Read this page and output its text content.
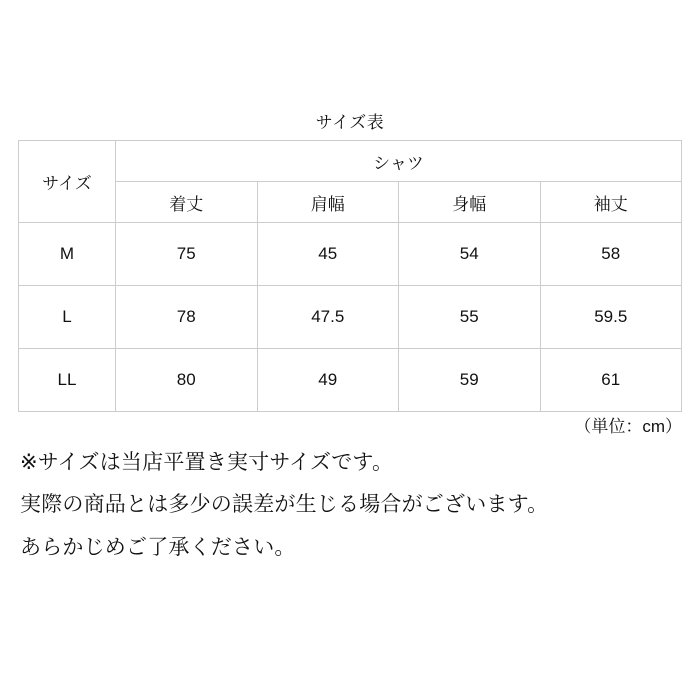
サイズ表
サイズ	シャツ			
	着丈	肩幅	身幅	袖丈
M	75	45	54	58
L	78	47.5	55	59.5
LL	80	49	59	61
（単位：cm）

※サイズは当店平置き実寸サイズです。

実際の商品とは多少の誤差が生じる場合がございます。

あらかじめご了承ください。
